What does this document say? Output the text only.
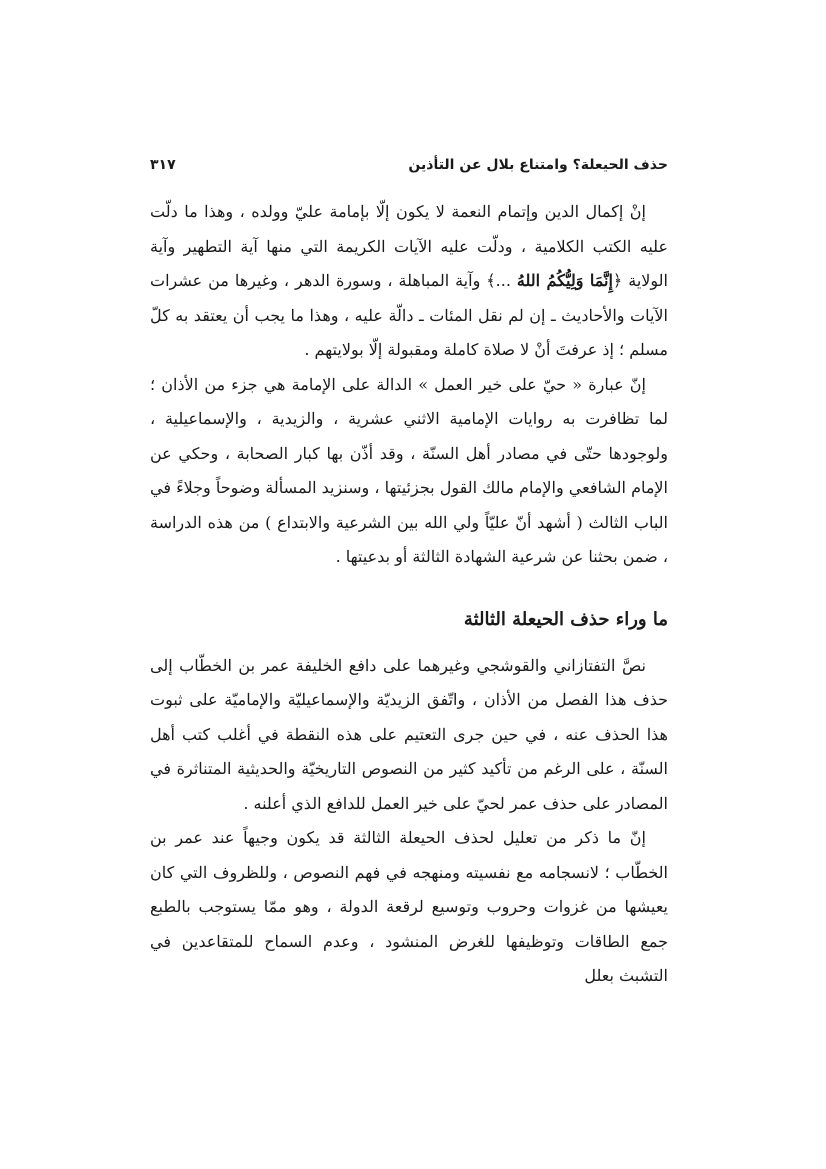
حذف الحيعلة؟ وامتناع بلال عن التأذين
٣١٧

إنْ إكمال الدين وإتمام النعمة لا يكون إلّا بإمامة عليّ وولده ، وهذا ما دلّت عليه الكتب الكلامية ، ودلّت عليه الآيات الكريمة التي منها آية التطهير وآية الولاية ﴿إِنَّمَا وَلِيُّكُمُ اللهُ ...﴾ وآية المباهلة ، وسورة الدهر ، وغيرها من عشرات الآيات والأحاديث ـ إن لم نقل المئات ـ دالّة عليه ، وهذا ما يجب أن يعتقد به كلّ مسلم ؛ إذ عرفتَ أنْ لا صلاة كاملة ومقبولة إلّا بولايتهم .

إنّ عبارة « حيّ على خير العمل » الدالة على الإمامة هي جزء من الأذان ؛ لما تظافرت به روايات الإمامية الاثني عشرية ، والزيدية ، والإسماعيلية ، ولوجودها حتّى في مصادر أهل السنّة ، وقد أذّن بها كبار الصحابة ، وحكي عن الإمام الشافعي والإمام مالك القول بجزئيتها ، وسنزيد المسألة وضوحاً وجلاءً في الباب الثالث ( أشهد أنّ عليّاً ولي الله بين الشرعية والابتداع ) من هذه الدراسة ، ضمن بحثنا عن شرعية الشهادة الثالثة أو بدعيتها .

ما وراء حذف الحيعلة الثالثة

نصَّ التفتازاني والقوشجي وغيرهما على دافع الخليفة عمر بن الخطّاب إلى حذف هذا الفصل من الأذان ، واتّفق الزيديّة والإسماعيليّة والإماميّة على ثبوت هذا الحذف عنه ، في حين جرى التعتيم على هذه النقطة في أغلب كتب أهل السنّة ، على الرغم من تأكيد كثير من النصوص التاريخيّة والحديثية المتناثرة في المصادر على حذف عمر لحيّ على خير العمل للدافع الذي أعلنه .

إنّ ما ذكر من تعليل لحذف الحيعلة الثالثة قد يكون وجيهاً عند عمر بن الخطّاب ؛ لانسجامه مع نفسيته ومنهجه في فهم النصوص ، وللظروف التي كان يعيشها من غزوات وحروب وتوسيع لرقعة الدولة ، وهو ممّا يستوجب بالطبع جمع الطاقات وتوظيفها للغرض المنشود ، وعدم السماح للمتقاعدين في التشبث بعلل
